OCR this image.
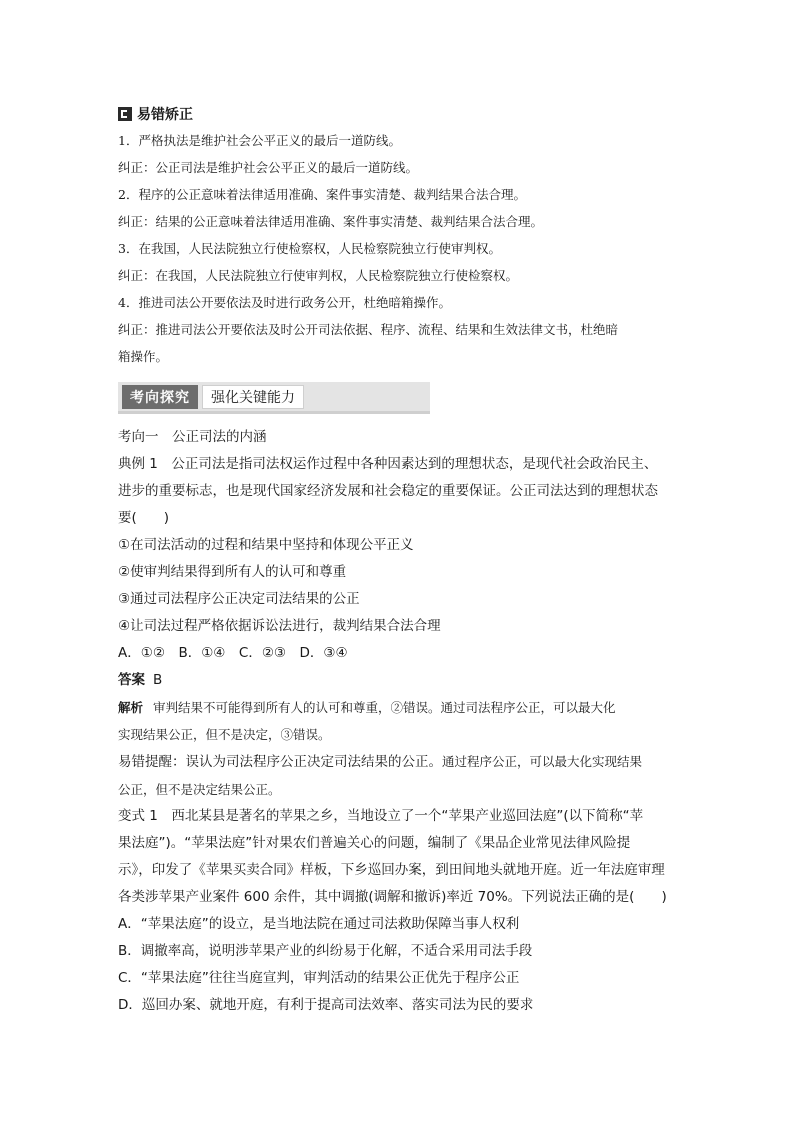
易错矫正

1．严格执法是维护社会公平正义的最后一道防线。

纠正：公正司法是维护社会公平正义的最后一道防线。

2．程序的公正意味着法律适用准确、案件事实清楚、裁判结果合法合理。

纠正：结果的公正意味着法律适用准确、案件事实清楚、裁判结果合法合理。

3．在我国，人民法院独立行使检察权，人民检察院独立行使审判权。

纠正：在我国，人民法院独立行使审判权，人民检察院独立行使检察权。

4．推进司法公开要依法及时进行政务公开，杜绝暗箱操作。

纠正：推进司法公开要依法及时公开司法依据、程序、流程、结果和生效法律文书，杜绝暗

箱操作。

考向探究	强化关键能力

考向一　公正司法的内涵

典例 1　公正司法是指司法权运作过程中各种因素达到的理想状态，是现代社会政治民主、

进步的重要标志，也是现代国家经济发展和社会稳定的重要保证。公正司法达到的理想状态

要(　　)

①在司法活动的过程和结果中坚持和体现公平正义

②使审判结果得到所有人的认可和尊重

③通过司法程序公正决定司法结果的公正

④让司法过程严格依据诉讼法进行，裁判结果合法合理

A．①②　B．①④　C．②③　D．③④

答案 B

解析 审判结果不可能得到所有人的认可和尊重，②错误。通过司法程序公正，可以最大化

实现结果公正，但不是决定，③错误。

易错提醒：误认为司法程序公正决定司法结果的公正。通过程序公正，可以最大化实现结果

公正，但不是决定结果公正。

变式 1　西北某县是著名的苹果之乡，当地设立了一个“苹果产业巡回法庭”(以下简称“苹

果法庭”)。“苹果法庭”针对果农们普遍关心的问题，编制了《果品企业常见法律风险提

示》，印发了《苹果买卖合同》样板，下乡巡回办案，到田间地头就地开庭。近一年法庭审理

各类涉苹果产业案件 600 余件，其中调撤(调解和撤诉)率近 70%。下列说法正确的是(　　)

A．“苹果法庭”的设立，是当地法院在通过司法救助保障当事人权利

B．调撤率高，说明涉苹果产业的纠纷易于化解，不适合采用司法手段

C．“苹果法庭”往往当庭宣判，审判活动的结果公正优先于程序公正

D．巡回办案、就地开庭，有利于提高司法效率、落实司法为民的要求
